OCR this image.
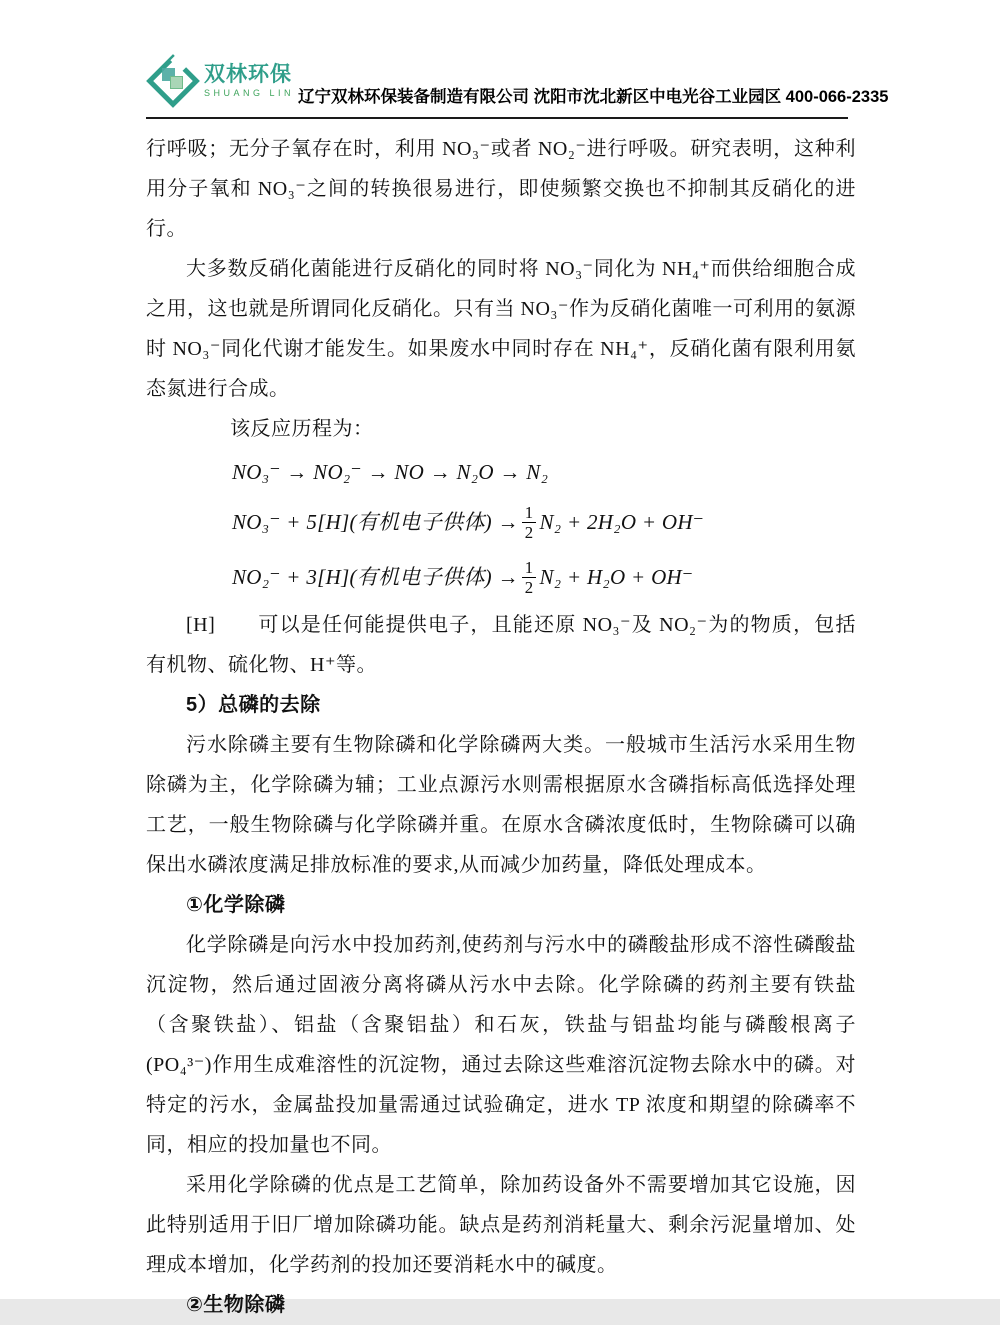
双林环保
SHUANG LIN 辽宁双林环保装备制造有限公司 沈阳市沈北新区中电光谷工业园区 400-066-2335

行呼吸；无分子氧存在时，利用 NO₃⁻或者 NO₂⁻进行呼吸。研究表明，这种利用分子氧和 NO₃⁻之间的转换很易进行，即使频繁交换也不抑制其反硝化的进行。

大多数反硝化菌能进行反硝化的同时将 NO₃⁻同化为 NH₄⁺而供给细胞合成之用，这也就是所谓同化反硝化。只有当 NO₃⁻作为反硝化菌唯一可利用的氨源时 NO₃⁻同化代谢才能发生。如果废水中同时存在 NH₄⁺，反硝化菌有限利用氨态氮进行合成。

该反应历程为：

NO₃⁻ → NO₂⁻ → NO → N₂O → N₂
NO₃⁻ + 5[H](有机电子供体) → $\frac{1}{2} N_2 + 2H_2O + OH^-$
NO₂⁻ + 3[H](有机电子供体) → $\frac{1}{2} N_2 + H_2O + OH^-$

[H]　　可以是任何能提供电子，且能还原 NO₃⁻及 NO₂⁻为的物质，包括有机物、硫化物、H⁺等。

5）总磷的去除

污水除磷主要有生物除磷和化学除磷两大类。一般城市生活污水采用生物除磷为主，化学除磷为辅；工业点源污水则需根据原水含磷指标高低选择处理工艺，一般生物除磷与化学除磷并重。在原水含磷浓度低时，生物除磷可以确保出水磷浓度满足排放标准的要求,从而减少加药量，降低处理成本。

①化学除磷

化学除磷是向污水中投加药剂,使药剂与污水中的磷酸盐形成不溶性磷酸盐沉淀物，然后通过固液分离将磷从污水中去除。化学除磷的药剂主要有铁盐（含聚铁盐）、铝盐（含聚铝盐）和石灰，铁盐与铝盐均能与磷酸根离子(PO₄³⁻)作用生成难溶性的沉淀物，通过去除这些难溶沉淀物去除水中的磷。对特定的污水，金属盐投加量需通过试验确定，进水 TP 浓度和期望的除磷率不同，相应的投加量也不同。

采用化学除磷的优点是工艺简单，除加药设备外不需要增加其它设施，因此特别适用于旧厂增加除磷功能。缺点是药剂消耗量大、剩余污泥量增加、处理成本增加，化学药剂的投加还要消耗水中的碱度。

②生物除磷
